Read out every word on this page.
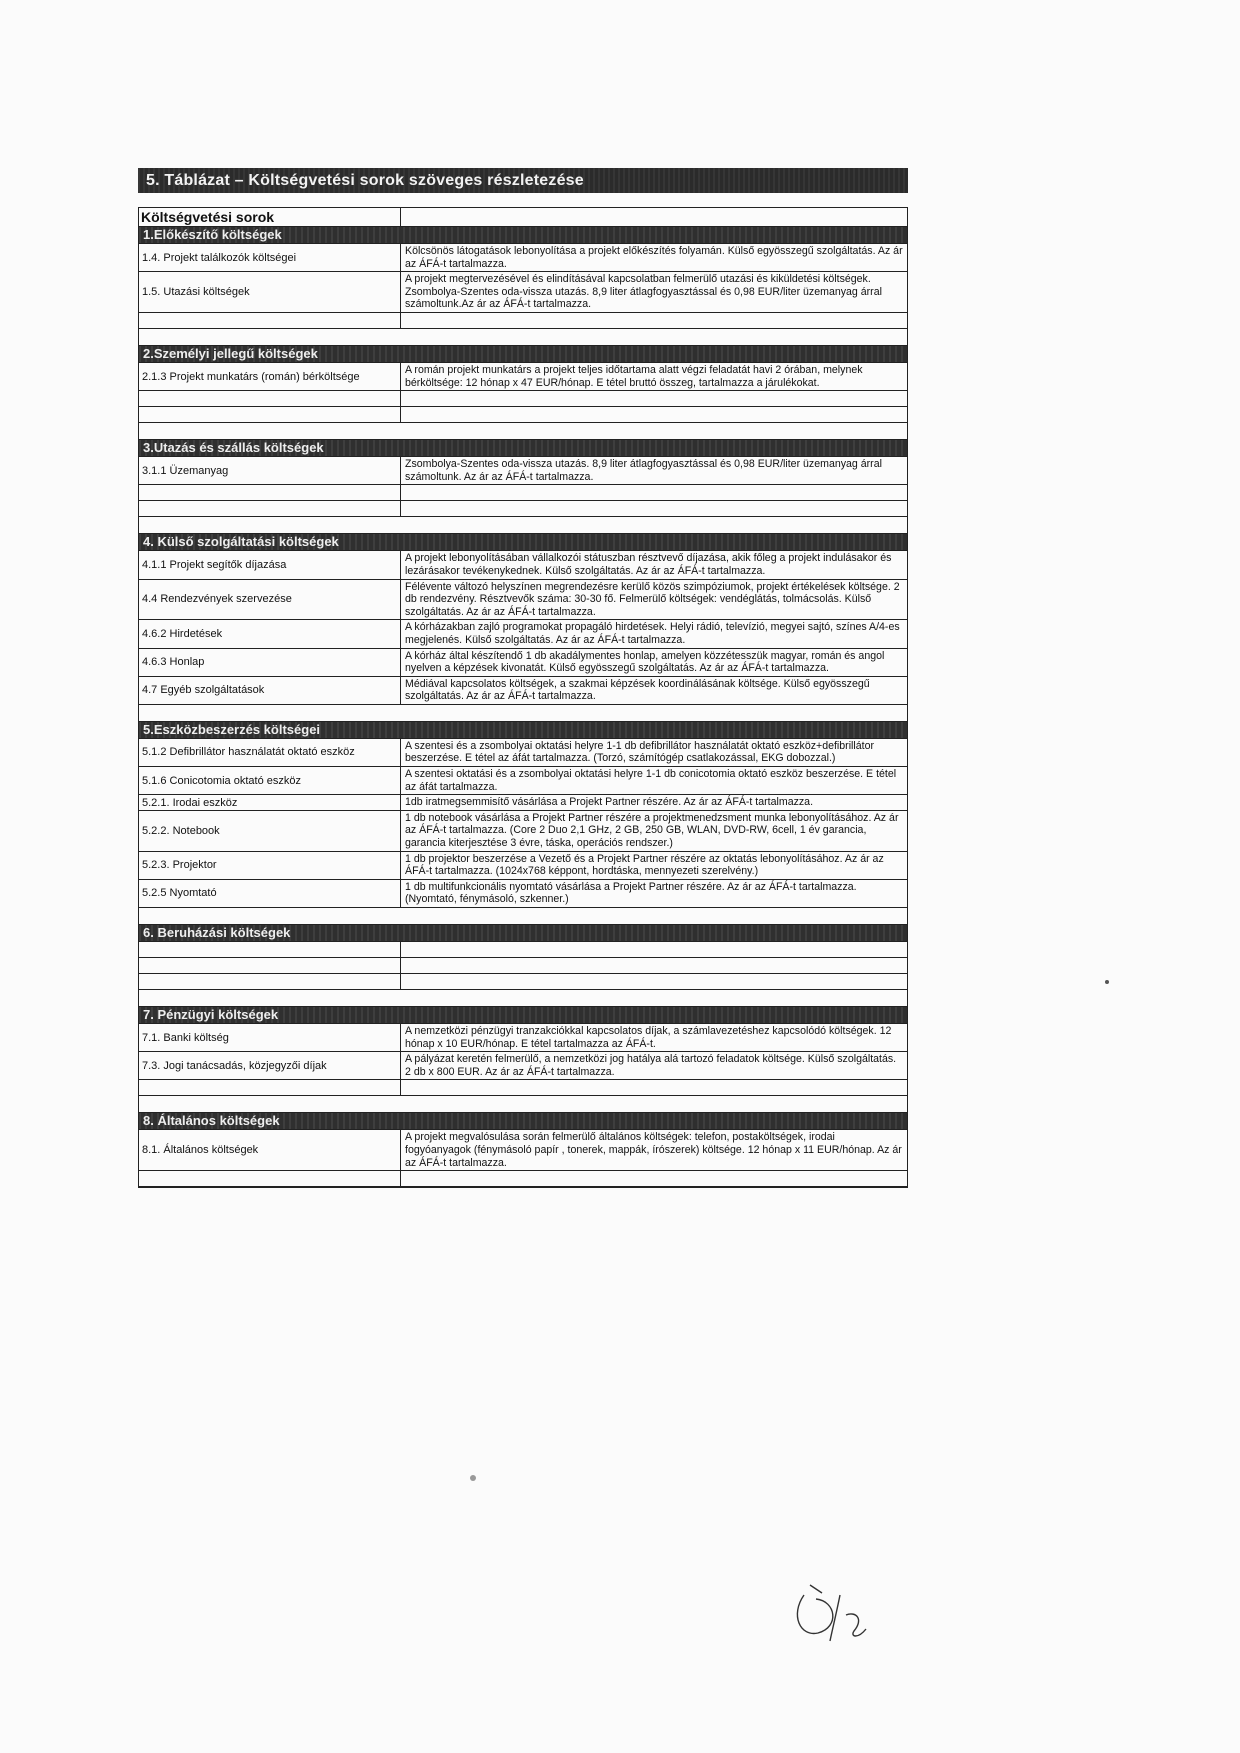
5. Táblázat – Költségvetési sorok szöveges részletezése
Költségvetési sorok
1.Előkészítő költségek
1.4. Projekt találkozók költségei
Kölcsönös látogatások lebonyolítása a projekt előkészítés folyamán. Külső egyösszegű szolgáltatás. Az ár az ÁFÁ-t tartalmazza.
1.5. Utazási költségek
A projekt megtervezésével és elindításával kapcsolatban felmerülő utazási és kiküldetési költségek. Zsombolya-Szentes oda-vissza utazás. 8,9 liter átlagfogyasztással és 0,98 EUR/liter üzemanyag árral számoltunk.Az ár az ÁFÁ-t tartalmazza.
2.Személyi jellegű költségek
2.1.3 Projekt munkatárs (román) bérköltsége
A román projekt munkatárs a projekt teljes időtartama alatt végzi feladatát havi 2 órában, melynek bérköltsége: 12 hónap x 47 EUR/hónap. E tétel bruttó összeg, tartalmazza a járulékokat.
3.Utazás és szállás költségek
3.1.1 Üzemanyag
Zsombolya-Szentes oda-vissza utazás. 8,9 liter átlagfogyasztással és 0,98 EUR/liter üzemanyag árral számoltunk. Az ár az ÁFÁ-t tartalmazza.
4. Külső szolgáltatási költségek
4.1.1 Projekt segítők díjazása
A projekt lebonyolításában vállalkozói státuszban résztvevő díjazása, akik főleg a projekt indulásakor és lezárásakor tevékenykednek. Külső szolgáltatás. Az ár az ÁFÁ-t tartalmazza.
4.4 Rendezvények szervezése
Félévente változó helyszínen megrendezésre kerülő közös szimpóziumok, projekt értékelések költsége. 2 db rendezvény. Résztvevők száma: 30-30 fő. Felmerülő költségek: vendéglátás, tolmácsolás. Külső szolgáltatás. Az ár az ÁFÁ-t tartalmazza.
4.6.2 Hirdetések
A kórházakban zajló programokat propagáló hirdetések. Helyi rádió, televízió, megyei sajtó, színes A/4-es megjelenés. Külső szolgáltatás. Az ár az ÁFÁ-t tartalmazza.
4.6.3 Honlap
A kórház által készítendő 1 db akadálymentes honlap, amelyen közzétesszük magyar, román és angol nyelven a képzések kivonatát. Külső egyösszegű szolgáltatás. Az ár az ÁFÁ-t tartalmazza.
4.7 Egyéb szolgáltatások
Médiával kapcsolatos költségek, a szakmai képzések koordinálásának költsége. Külső egyösszegű szolgáltatás. Az ár az ÁFÁ-t tartalmazza.
5.Eszközbeszerzés költségei
5.1.2 Defibrillátor használatát oktató eszköz
A szentesi és a zsombolyai oktatási helyre 1-1 db defibrillátor használatát oktató eszköz+defibrillátor beszerzése. E tétel az áfát tartalmazza. (Torzó, számítógép csatlakozással, EKG dobozzal.)
5.1.6 Conicotomia oktató eszköz
A szentesi oktatási és a zsombolyai oktatási helyre 1-1 db conicotomia oktató eszköz beszerzése. E tétel az áfát tartalmazza.
5.2.1. Irodai eszköz	1db iratmegsemmisítő vásárlása a Projekt Partner részére. Az ár az ÁFÁ-t tartalmazza.
5.2.2. Notebook
1 db notebook vásárlása a Projekt Partner részére a projektmenedzsment munka lebonyolításához. Az ár az ÁFÁ-t tartalmazza. (Core 2 Duo 2,1 GHz, 2 GB, 250 GB, WLAN, DVD-RW, 6cell, 1 év garancia, garancia kiterjesztése 3 évre, táska, operációs rendszer.)
5.2.3. Projektor
1 db projektor beszerzése a Vezető és a Projekt Partner részére az oktatás lebonyolításához. Az ár az ÁFÁ-t tartalmazza. (1024x768 képpont, hordtáska, mennyezeti szerelvény.)
5.2.5 Nyomtató
1 db multifunkcionális nyomtató vásárlása a Projekt Partner részére. Az ár az ÁFÁ-t tartalmazza. (Nyomtató, fénymásoló, szkenner.)
6. Beruházási költségek
7. Pénzügyi költségek
7.1. Banki költség
A nemzetközi pénzügyi tranzakciókkal kapcsolatos díjak, a számlavezetéshez kapcsolódó költségek. 12 hónap x 10 EUR/hónap. E tétel tartalmazza az ÁFÁ-t.
7.3. Jogi tanácsadás, közjegyzői díjak
A pályázat keretén felmerülő, a nemzetközi jog hatálya alá tartozó feladatok költsége. Külső szolgáltatás. 2 db x 800 EUR. Az ár az ÁFÁ-t tartalmazza.
8. Általános költségek
8.1. Általános költségek
A projekt megvalósulása során felmerülő általános költségek: telefon, postaköltségek, irodai fogyóanyagok (fénymásoló papír , tonerek, mappák, írószerek) költsége. 12 hónap x 11 EUR/hónap. Az ár az ÁFÁ-t tartalmazza.
